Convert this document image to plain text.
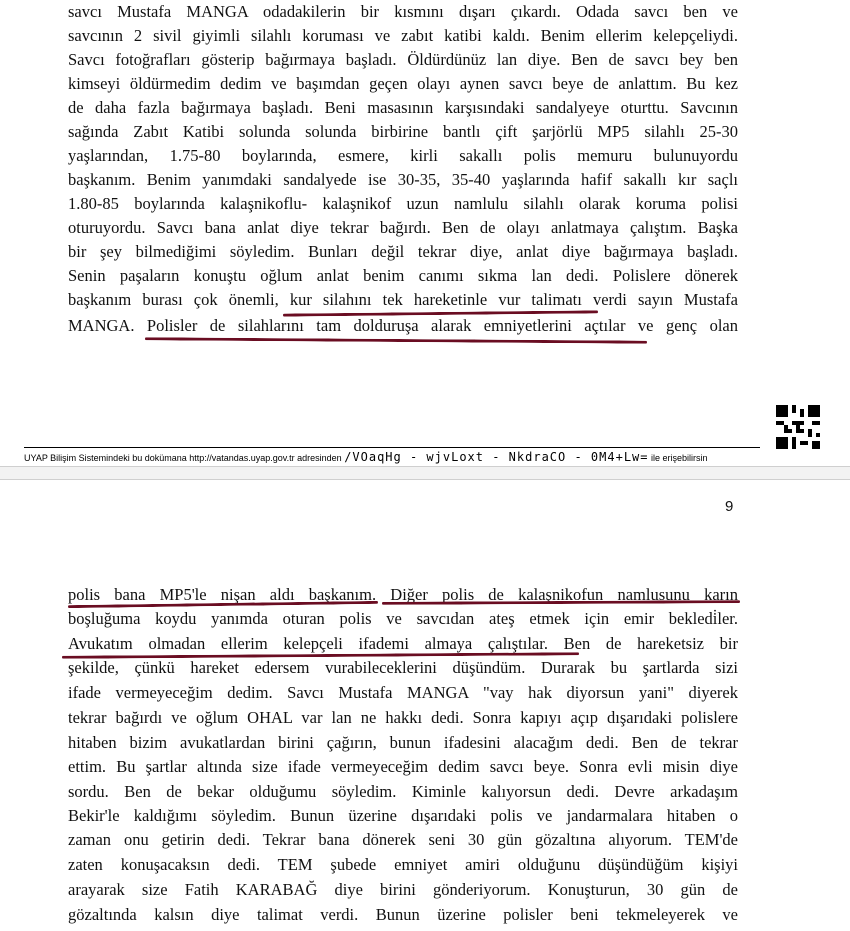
savcı Mustafa MANGA odadakilerin bir kısmını dışarı çıkardı. Odada savcı ben ve
savcının 2 sivil giyimli silahlı koruması ve zabıt katibi kaldı. Benim ellerim kelepçeliydi.
Savcı fotoğrafları gösterip bağırmaya başladı. Öldürdünüz lan diye. Ben de savcı bey ben
kimseyi öldürmedim dedim ve başımdan geçen olayı aynen savcı beye de anlattım. Bu kez
de daha fazla bağırmaya başladı. Beni masasının karşısındaki sandalyeye oturttu. Savcının
sağında Zabıt Katibi solunda solunda birbirine bantlı çift şarjörlü MP5 silahlı 25-30
yaşlarından, 1.75-80 boylarında, esmere, kirli sakallı polis memuru bulunuyordu
başkanım. Benim yanımdaki sandalyede ise 30-35, 35-40 yaşlarında hafif sakallı kır saçlı
1.80-85 boylarında kalaşnikoflu- kalaşnikof uzun namlulu silahlı olarak koruma polisi
oturuyordu. Savcı bana anlat diye tekrar bağırdı. Ben de olayı anlatmaya çalıştım. Başka
bir şey bilmediğimi söyledim. Bunları değil tekrar diye, anlat diye bağırmaya başladı.
Senin paşaların konuştu oğlum anlat benim canımı sıkma lan dedi. Polislere dönerek
başkanım burası çok önemli, kur silahını tek hareketinle vur talimatı verdi sayın Mustafa
MANGA. Polisler de silahlarını tam dolduruşa alarak emniyetlerini açtılar ve genç olan
UYAP Bilişim Sistemindeki bu dokümana http://vatandas.uyap.gov.tr adresinden /VOaqHg - wjvLoxt - NkdraCO - 0M4+Lw= ile erişebilirsin
9
polis bana MP5'le nişan aldı başkanım. Diğer polis de kalaşnikofun namlusunu karın
boşluğuma koydu yanımda oturan polis ve savcıdan ateş etmek için emir bekledi̇ler.
Avukatım olmadan ellerim kelepçeli ifademi almaya çalıştılar. Ben de hareketsiz bir
şekilde, çünkü hareket edersem vurabileceklerini düşündüm. Durarak bu şartlarda sizi
ifade vermeyeceğim dedim. Savcı Mustafa MANGA "vay hak diyorsun yani" diyerek
tekrar bağırdı ve oğlum OHAL var lan ne hakkı dedi. Sonra kapıyı açıp dışarıdaki polislere
hitaben bizim avukatlardan birini çağırın, bunun ifadesini alacağım dedi. Ben de tekrar
ettim. Bu şartlar altında size ifade vermeyeceğim dedim savcı beye. Sonra evli misin diye
sordu. Ben de bekar olduğumu söyledim. Kiminle kalıyorsun dedi. Devre arkadaşım
Bekir'le kaldığımı söyledim. Bunun üzerine dışarıdaki polis ve jandarmalara hitaben o
zaman onu getirin dedi. Tekrar bana dönerek seni 30 gün gözaltına alıyorum. TEM'de
zaten konuşacaksın dedi. TEM şubede emniyet amiri olduğunu düşündüğüm kişiyi
arayarak size Fatih KARABAĞ diye birini gönderiyorum. Konuşturun, 30 gün de
gözaltında kalsın diye talimat verdi. Bunun üzerine polisler beni tekmeleyerek ve
